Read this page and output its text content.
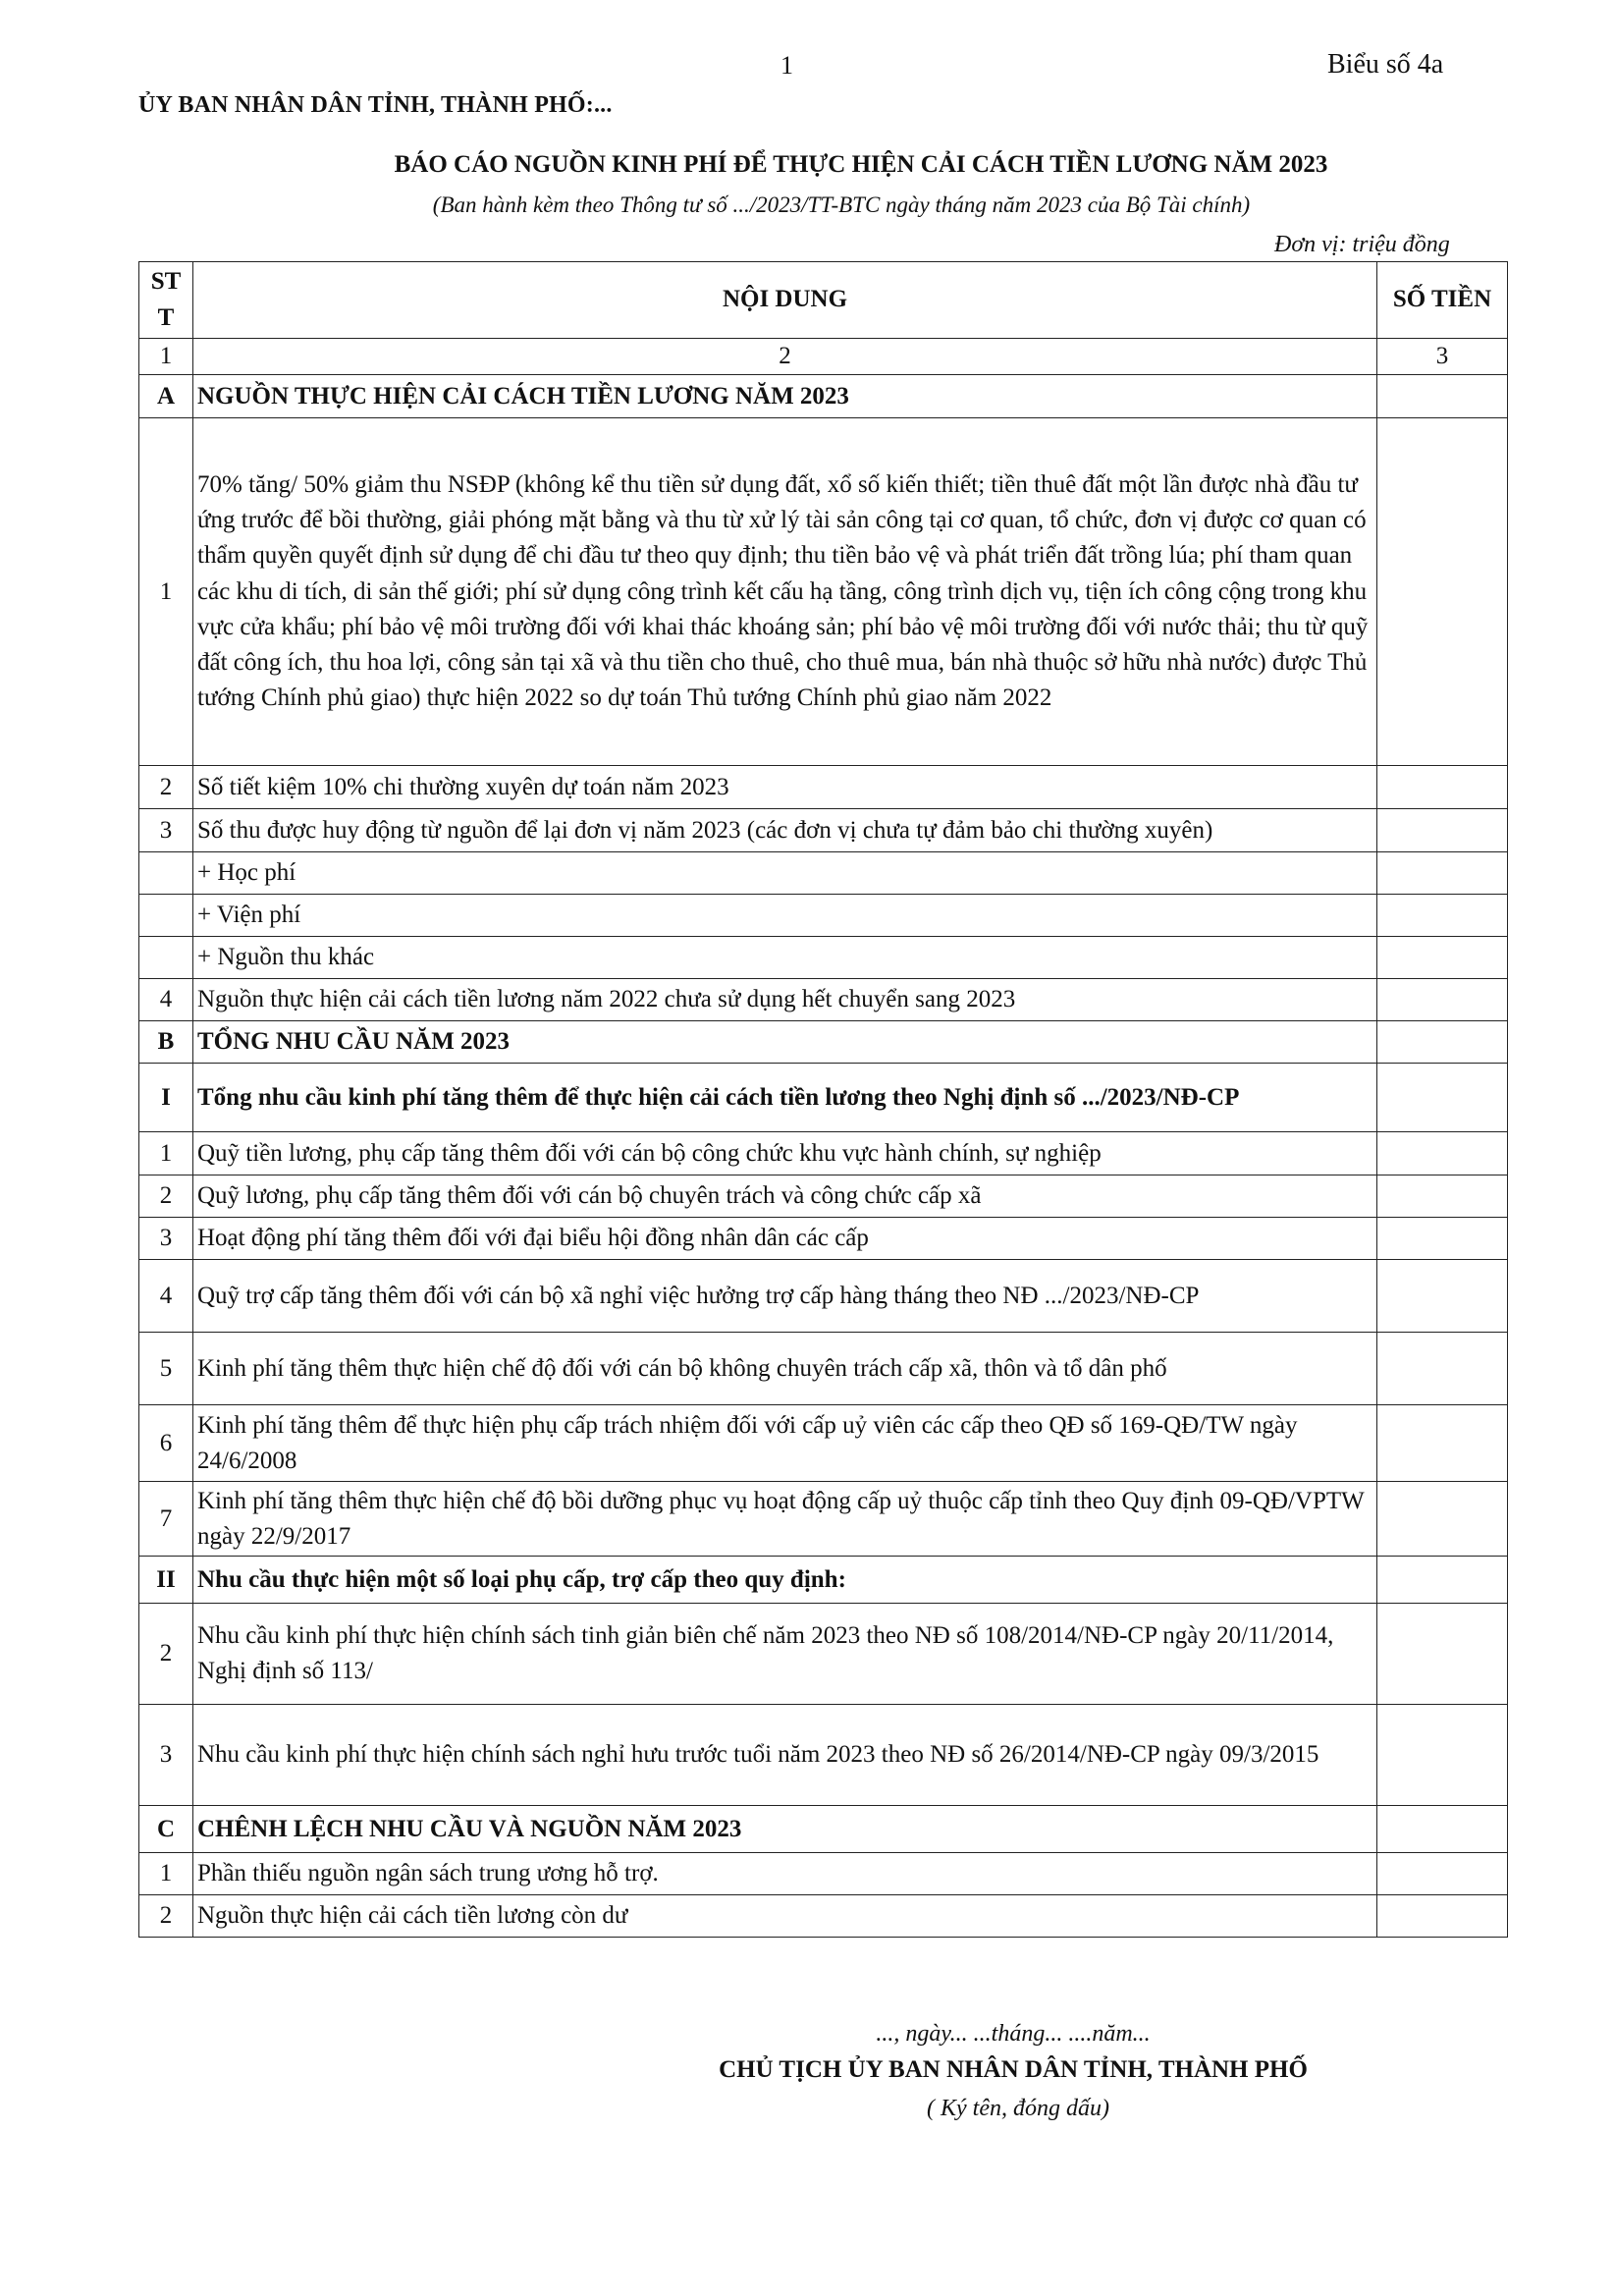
1	Biểu số 4a
ỦY BAN NHÂN DÂN TỈNH, THÀNH PHỐ:...
BÁO CÁO NGUỒN KINH PHÍ ĐỂ THỰC HIỆN CẢI CÁCH TIỀN LƯƠNG NĂM 2023
(Ban hành kèm theo Thông tư số .../2023/TT-BTC ngày tháng năm 2023 của Bộ Tài chính)
Đơn vị: triệu đồng
ST T	NỘI DUNG	SỐ TIỀN
1	2	3
A	NGUỒN THỰC HIỆN CẢI CÁCH TIỀN LƯƠNG NĂM 2023	
1	70% tăng/ 50% giảm thu NSĐP (không kể thu tiền sử dụng đất, xổ số kiến thiết; tiền thuê đất một lần được nhà đầu tư ứng trước để bồi thường, giải phóng mặt bằng và thu từ xử lý tài sản công tại cơ quan, tổ chức, đơn vị được cơ quan có thẩm quyền quyết định sử dụng để chi đầu tư theo quy định; thu tiền bảo vệ và phát triển đất trồng lúa; phí tham quan các khu di tích, di sản thế giới; phí sử dụng công trình kết cấu hạ tầng, công trình dịch vụ, tiện ích công cộng trong khu vực cửa khẩu; phí bảo vệ môi trường đối với khai thác khoáng sản; phí bảo vệ môi trường đối với nước thải; thu từ quỹ đất công ích, thu hoa lợi, công sản tại xã và thu tiền cho thuê, cho thuê mua, bán nhà thuộc sở hữu nhà nước) được Thủ tướng Chính phủ giao) thực hiện 2022 so dự toán Thủ tướng Chính phủ giao năm 2022	
2	Số tiết kiệm 10% chi thường xuyên dự toán năm 2023	
3	Số thu được huy động từ nguồn để lại đơn vị năm 2023 (các đơn vị chưa tự đảm bảo chi thường xuyên)	
	+ Học phí	
	+ Viện phí	
	+ Nguồn thu khác	
4	Nguồn thực hiện cải cách tiền lương năm 2022 chưa sử dụng hết chuyển sang 2023	
B	TỔNG NHU CẦU NĂM 2023	
I	Tổng nhu cầu kinh phí tăng thêm để thực hiện cải cách tiền lương theo Nghị định số .../2023/NĐ-CP	
1	Quỹ tiền lương, phụ cấp tăng thêm đối với cán bộ công chức khu vực hành chính, sự nghiệp	
2	Quỹ lương, phụ cấp tăng thêm đối với cán bộ chuyên trách và công chức cấp xã	
3	Hoạt động phí tăng thêm đối với đại biểu hội đồng nhân dân các cấp	
4	Quỹ trợ cấp tăng thêm đối với cán bộ xã nghỉ việc hưởng trợ cấp hàng tháng theo NĐ .../2023/NĐ-CP	
5	Kinh phí tăng thêm thực hiện chế độ đối với cán bộ không chuyên trách cấp xã, thôn và tổ dân phố	
6	Kinh phí tăng thêm để thực hiện phụ cấp trách nhiệm đối với cấp uỷ viên các cấp theo QĐ số 169-QĐ/TW ngày 24/6/2008	
7	Kinh phí tăng thêm thực hiện chế độ bồi dưỡng phục vụ hoạt động cấp uỷ thuộc cấp tỉnh theo Quy định 09-QĐ/VPTW ngày 22/9/2017	
II	Nhu cầu thực hiện một số loại phụ cấp, trợ cấp theo quy định:	
2	Nhu cầu kinh phí thực hiện chính sách tinh giản biên chế năm 2023 theo NĐ số 108/2014/NĐ-CP ngày 20/11/2014, Nghị định số 113/	
3	Nhu cầu kinh phí thực hiện chính sách nghỉ hưu trước tuổi năm 2023 theo NĐ số 26/2014/NĐ-CP ngày 09/3/2015	
C	CHÊNH LỆCH NHU CẦU VÀ NGUỒN NĂM 2023	
1	Phần thiếu nguồn ngân sách trung ương hỗ trợ.	
2	Nguồn thực hiện cải cách tiền lương còn dư	
..., ngày... ...tháng... ....năm...
CHỦ TỊCH ỦY BAN NHÂN DÂN TỈNH, THÀNH PHỐ
( Ký tên, đóng dấu)
